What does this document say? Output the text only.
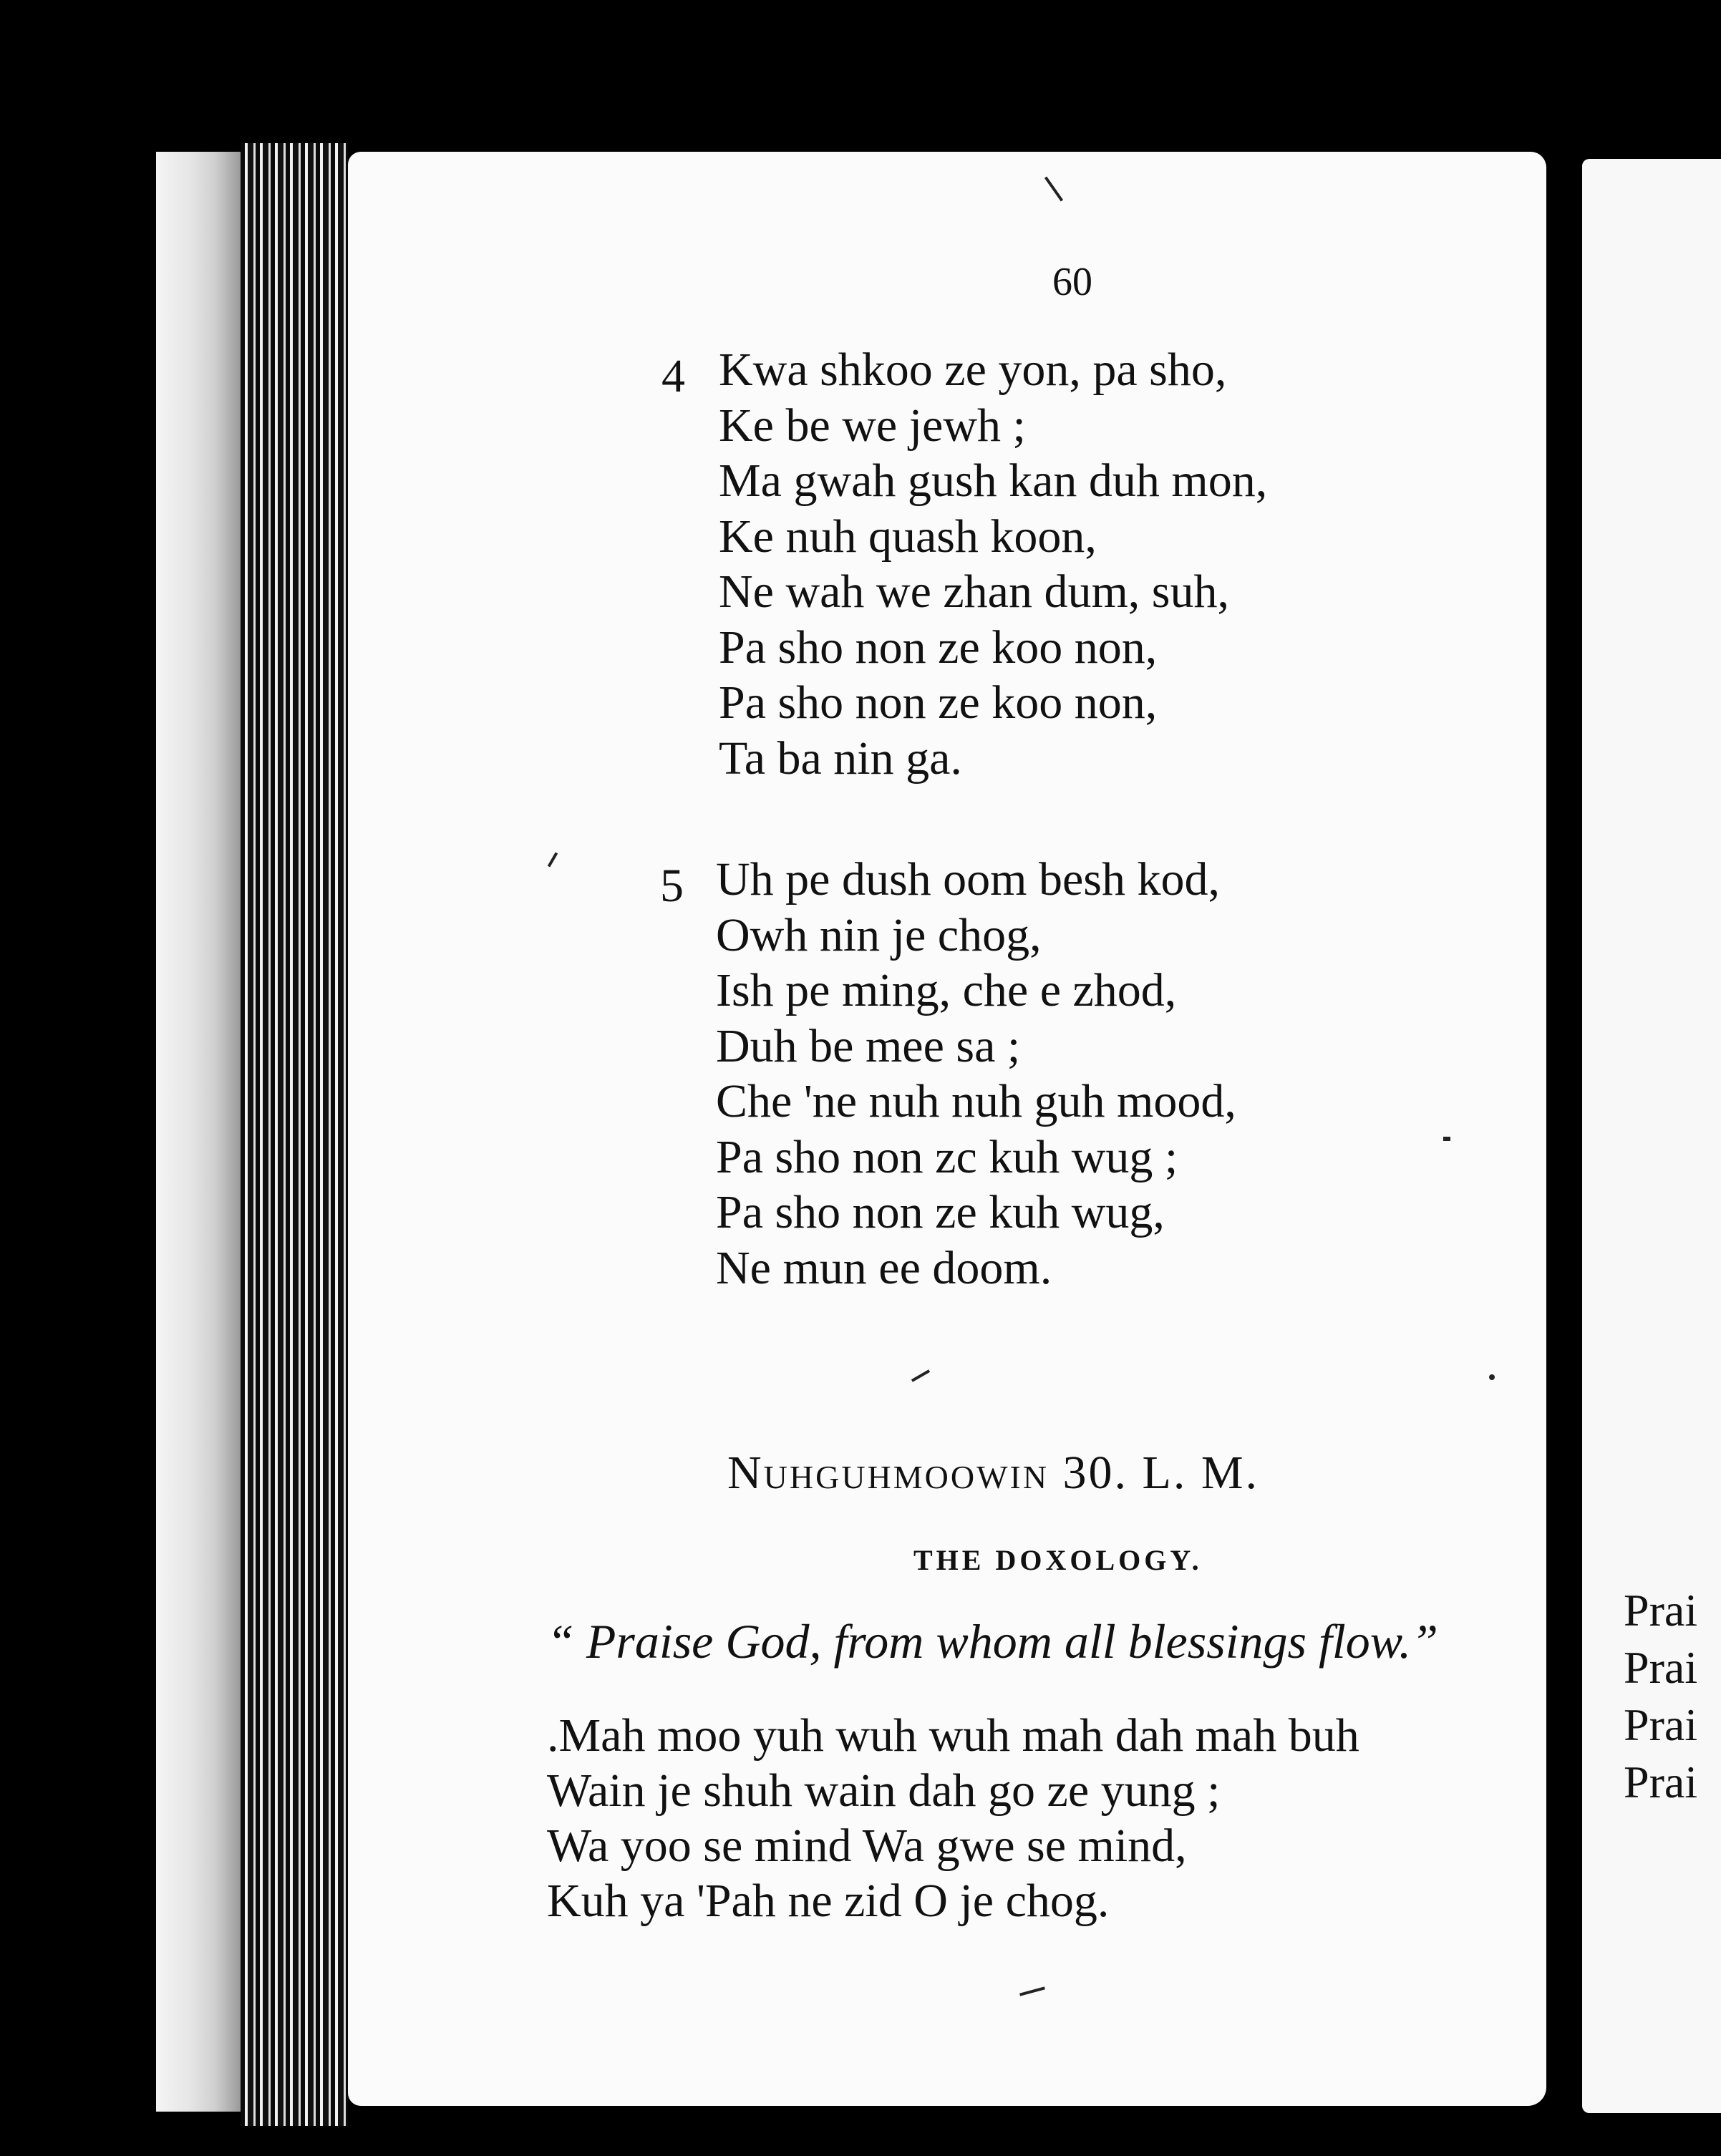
Prai
Prai
Prai
Prai
60
4 Kwa shkoo ze yon, pa sho,
Ke be we jewh ;
Ma gwah gush kan duh mon,
Ke nuh quash koon,
Ne wah we zhan dum, suh,
Pa sho non ze koo non,
Pa sho non ze koo non,
Ta ba nin ga.
5 Uh pe dush oom besh kod,
Owh nin je chog,
Ish pe ming, che e zhod,
Duh be mee sa ;
Che 'ne nuh nuh guh mood,
Pa sho non zc kuh wug ;
Pa sho non ze kuh wug,
Ne mun ee doom.
Nuhguhmoowin 30. L. M.
THE DOXOLOGY.
“ Praise God, from whom all blessings flow.”
.Mah moo yuh wuh wuh mah dah mah buh
Wain je shuh wain dah go ze yung ;
Wa yoo se mind Wa gwe se mind,
Kuh ya 'Pah ne zid O je chog.
